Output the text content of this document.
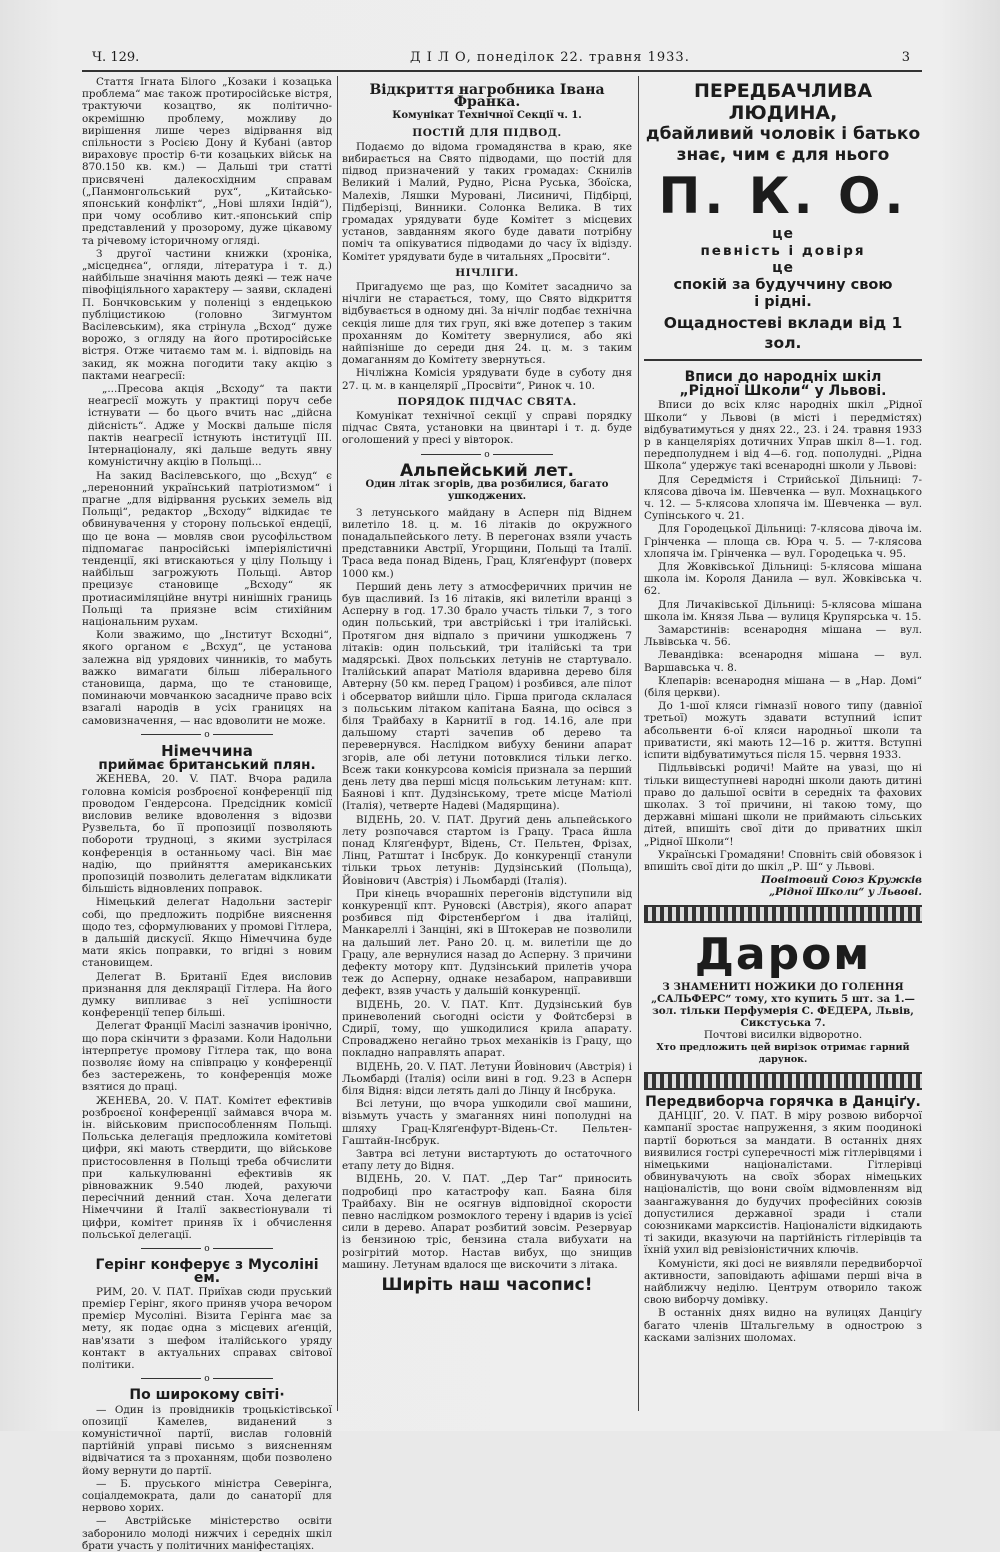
Ч. 129.	Д І Л О, понеділок 22. травня 1933.	3

Стаття Ігната Білого „Козаки і козацька проблема“ має також протиросійське вістря, трактуючи козацтво, як політично-окремішню проблему, можливу до вирішення лише через відірвання від спільности з Росією Дону й Кубані (автор вираховує простір 6-ти козацьких військ на 870.150 кв. км.) — Дальші три статті присвячені далекосхідним справам („Панмонгольський рух“, „Китайсько-японський конфлікт“, „Нові шляхи Індій“), при чому особливо кит.-японський спір представлений у прозорому, дуже цікавому та річевому історичному огляді.

З другої частини книжки (хроніка, „місцеднєа“, огляди, література і т. д.) найбільше значіння мають деякі — теж наче півофіціяльного характеру — заяви, складені П. Бончковським у поленіці з ендецькою публіцистикою (головно Зигмунтом Васілевським), яка стрінула „Всход“ дуже ворожо, з огляду на його протиросійське вістря. Отже читаємо там м. і. відповідь на закид, як можна погодити таку акцію з пактами неагресії:

„...Пресова акція „Всходу“ та пакти неагресії можуть у практиці поруч себе істнувати — бо цього вчить нас „дійсна дійсність“. Адже у Москві дальше після пактів неагресії істнують інституції ІІІ. Інтернаціоналу, які дальше ведуть явну комуністичну акцію в Польщі...

На закид Васілевського, що „Всхуд“ є „леренонний український патріотизмом“ і прагне „для відірвання руських земель від Польщі“, редактор „Всходу“ відкидає те обвинувачення у сторону польської ендеції, що це вона — мовляв свои русофільством підпомагає панросійські імперіялістичні тенденції, які втискаються у цілу Польщу і найбільш загрожують Польщі. Автор прецизує становище „Всходу“ як протиасиміляційне внутрі нинішніх границь Польщі та приязне всім стихійним національним рухам.

Коли зважимо, що „Інститут Всходні“, якого органом є „Всхуд“, це установа залежна від урядових чинників, то мабуть важко вимагати більш ліберального становища, дарма, що те становище, поминаючи мовчанкою засадниче право всіх взагалі народів в усіх границях на самовизначення, — нас вдоволити не може.

o
Німеччина
приймає британський плян.

ЖЕНЕВА, 20. V. ПАТ. Вчора радила головна комісія розброєної конференції під проводом Гендерсона. Предсідник комісії висловив велике вдоволення з відозви Рузвельта, бо її пропозиції позволяють побороти трудноці, з якими зустрілася конференція в останньому часі. Він має надію, що прийняття американських пропозицій позволить делегатам відкликати більшість відновлених поправок.

Німецький делегат Надольни застеріг собі, що предложить подрібне вияснення щодо тез, сформулюваних у промові Гітлера, в дальшій дискусії. Якщо Німеччина буде мати якісь поправки, то вгідні з новим становищем.

Делегат В. Британії Едея висловив признання для деклярації Гітлера. На його думку випливає з неї успішности конференції тепер більші.

Делегат Франції Масілі зазначив іронічно, що пора скінчити з фразами. Коли Надольни інтерпретує промову Гітлера так, що вона позволяє йому на співпрацю у конференції без застережень, то конференція може взятися до праці.

ЖЕНЕВА, 20. V. ПАТ. Комітет ефективів розброєної конференції займався вчора м. ін. військовим приспособленням Польщі. Польська делегація предложила комітетові цифри, які мають ствердити, що військове пристосовлення в Польщі треба обчислити при калькулюванні ефективів як рівноважник 9.540 людей, рахуючи пересічний денний стан. Хоча делегати Німеччини й Італії заквестіонували ті цифри, комітет приняв їх і обчислення польської делегації.

o
Герінг конферує з Мусоліні ем.

РИМ, 20. V. ПАТ. Приїхав сюди пруський премієр Герінг, якого приняв учора вечором премієр Мусоліні. Візита Герінга має за мету, як подає одна з місцевих аґенцій, нав'язати з шефом італійського уряду контакт в актуальних справах світової політики.

o
По широкому світі·

— Один із провідників троцькістівської опозиції Камелев, виданений з комуністичної партії, вислав головній партійній управі письмо з виясненням відвічатися та з проханням, щоби позволено йому вернути до партії.

— Б. пруського міністра Северінга, соціалдемократа, дали до санаторії для нервово хорих.

— Австрійське міністерство освіти заборонило молоді нижчих і середніх шкіл брати участь у політичних маніфестаціях.

Відкриття нагробника Івана Франка.
Комунікат Технічної Секції ч. 1.
ПОСТІЙ ДЛЯ ПІДВОД.

Подаємо до відома громадянства в краю, яке вибирається на Свято підводами, що постій для підвод призначений у таких громадах: Скнилів Великий і Малий, Рудно, Рісна Руська, Збоїска, Малехів, Ляшки Муровані, Лисиничі, Підбірці, Підберізці, Винники. Солонка Велика. В тих громадах урядувати буде Комітет з місцевих установ, завданням якого буде давати потрібну поміч та опікуватися підводами до часу їх відізду. Комітет урядувати буде в читальнях „Просвіти“.

НІЧЛІГИ.

Пригадуємо ще раз, що Комітет засадничо за нічліги не старається, тому, що Свято відкриття відбувається в одному дні. За нічліг подбає технічна секція лише для тих груп, які вже дотепер з таким проханням до Комітету звернулися, або які найпізніше до середи дня 24. ц. м. з таким домаганням до Комітету звернуться.

Нічліжна Комісія урядувати буде в суботу дня 27. ц. м. в канцелярії „Просвіти“, Ринок ч. 10.

ПОРЯДОК ПІДЧАС СВЯТА.

Комунікат технічної секції у справі порядку підчас Свята, установки на цвинтарі і т. д. буде оголошений у пресі у вівторок.

o
Альпейський лет.
Один літак згорів, два розбилися, багато ушкоджених.

З летунського майдану в Асперн під Віднем вилетіло 18. ц. м. 16 літаків до окружного понадальпейського лету. В перегонах взяли участь представники Австрії, Угорщини, Польщі та Італії. Траса веда понад Відень, Грац, Кляґенфурт (поверх 1000 км.)

Перший день лету з атмосферичних причин не був щасливий. Із 16 літаків, які вилетіли вранці з Асперну в год. 17.30 брало участь тільки 7, з того один польський, три австрійські і три італійські. Протягом дня відпало з причини ушкоджень 7 літаків: один польський, три італійські та три мадярські. Двох польських летунів не стартувало. Італійський апарат Матіоля вдаривна дерево біля Автерну (50 км. перед Грацом) і розбився, але пілот і обсерватор вийшли ціло. Гірша пригода склалася з польським літаком капітана Баяна, що осівся з біля Трайбаху в Карнитії в год. 14.16, але при дальшому старті зачепив об дерево та перевернувся. Наслідком вибуху бенини апарат згорів, але обі летуни потовклися тільки легко. Всеж таки конкурсова комісія признала за перший день лету два перші місця польським летунам: кпт. Баяновi і кпт. Дудзінському, трете місце Матіолі (Італія), четверте Надеві (Мадярщина).

ВІДЕНЬ, 20. V. ПАТ. Другий день альпейського лету розпочався стартом із Грацу. Траса йшла понад Кляґенфурт, Відень, Ст. Пельтен, Фрізах, Лінц, Ратштат і Інсбрук. До конкуренції станули тільки трьох летунів: Дудзінський (Польща), Йовінович (Австрія) і Льомбарді (Італія).

При кінець вчорашніх перегонів відступили від конкуренції кпт. Руновскі (Австрія), якого апарат розбився під Фірстенберґом і два італійці, Манкареллі і Занціні, які в Штокерав не позволили на дальший лет. Рано 20. ц. м. вилетіли ще до Грацу, але вернулися назад до Асперну. З причини дефекту мотору кпт. Дудзінський прилетів учора теж до Асперну, однаке незабаром, направивши дефект, взяв участь у дальшій конкуренції.

ВІДЕНЬ, 20. V. ПАТ. Кпт. Дудзінський був приневолений сьогодні осісти у Фойтсберзі в Сдирії, тому, що ушкодилися крила апарату. Спроваджено негайно трьох механіків із Грацу, що покладно направлять апарат.

ВІДЕНЬ, 20. V. ПАТ. Летуни Йовінович (Австрія) і Льомбарді (Італія) осіли вині в год. 9.23 в Асперн біля Відня: відси летять далі до Лінцу й Інсбрука.

Всі летуни, що вчора ушкодили свої машини, візьмуть участь у змаганнях нині пополудні на шляху Грац-Кляґенфурт-Відень-Ст. Пельтен-Гаштайн-Інсбрук.

Завтра всі летуни вистартують до остаточного етапу лету до Відня.

ВІДЕНЬ, 20. V. ПАТ. „Дер Таг“ приносить подробиці про катастрофу кап. Баяна біля Трайбаху. Він не осягнув відповідної скорости певно наслідком розмоклого терену і вдарив із усієї сили в дерево. Апарат розбитий зовсім. Резервуар із бензиною тріс, бензина стала вибухати на розігрітий мотор. Настав вибух, що знищив машину. Летунам вдалося ще вискочити з літака.

Ширіть наш часопис!
ПЕРЕДБАЧЛИВА ЛЮДИНА,
дбайливий чоловік і батько
знає, чим є для нього
П. К. О.
це
певність і довіря
це
спокій за будуччину свою
і рідні.
Ощадностеві вклади від 1 зол.
Вписи до народніх шкіл
„Рідної Школи“ у Львові.

Вписи до всіх кляс народніх шкіл „Рідної Школи“ у Львові (в місті і передмістях) відбуватимуться у днях 22., 23. і 24. травня 1933 р в канцеляріях дотичних Управ шкіл 8—1. год. передполуднем і від 4—6. год. пополудні. „Рідна Школа“ удержує такі всенародні школи у Львові:

Для Середмістя і Стрийської Дільниці: 7-клясова дівоча ім. Шевченка — вул. Мохнацького ч. 12. — 5-клясова хлопяча ім. Шевченка — вул. Супінського ч. 21.

Для Городецької Дільниці: 7-клясова дівоча ім. Грінченка — площа св. Юра ч. 5. — 7-клясова хлопяча ім. Грінченка — вул. Городецька ч. 95.

Для Жовківської Дільниці: 5-клясова мішана школа ім. Короля Данила — вул. Жовківська ч. 62.

Для Личаківської Дільниці: 5-клясова мішана школа ім. Князя Льва — вулиця Крупярська ч. 15.

Замарстинів: всенародня мішана — вул. Львівська ч. 56.

Левандівка: всенародня мішана — вул. Варшавська ч. 8.

Клепарів: всенародня мішана — в „Нар. Домі“ (біля церкви).

До 1-шої кляси гімназії нового типу (давніої третьої) можуть здавати вступний іспит абсольвенти 6-ої кляси народньої школи та приватисти, які мають 12—16 р. життя. Вступні іспити відбуватимуться після 15. червня 1933.

Підльвівські родичі! Майте на увазі, що ні тільки вищеступневі народні школи дають дитині право до дальшої освіти в середніх та фахових школах. З тої причини, ні такою тому, що державні мішані школи не приймають сільських дітей, впишіть свої діти до приватних шкіл „Рідної Школи“!

Українські Громадяни! Сповніть свій обовязок і впишіть свої діти до шкіл „Р. Ш“ у Львові.

Повітовий Союз Кружків
„Рідної Школи“ у Львові.
Даром
З ЗНАМЕНИТІ НОЖИКИ ДО ГОЛЕННЯ „САЛЬФЕРС“ тому, хто купить 5 шт. за 1.— зол. тільки Перфумерія С. ФЕДЕРА, Львів, Сикстуська 7.
Почтові висилки відворотно.
Хто предложить цей вирізок отримає гарний дарунок.
Передвиборча горячка в Данціґу.

ДАНЦІҐ, 20. V. ПАТ. В міру розвою виборчої кампанії зростає напруження, з яким поодинокі партії борються за мандати. В останніх днях виявилися гострі суперечності між гітлерівцями і німецькими націоналістами. Гітлерівці обвинувачують на своїх зборах німецьких націоналістів, що вони своїм відмовленням від заангажування до будучих професійних союзів допустилися державної зради і стали союзниками марксистів. Націоналісти відкидають ті закиди, вказуючи на партійність гітлерівців та їхній ухил від ревізіоністичних ключів.

Комуністи, які досі не виявляли передвиборчої активности, заповідають афішами перші віча в найближчу неділю. Центрум отворило також свою виборчу домівку.

В останніх днях видно на вулицях Данціґу багато членів Штальгельму в однострою з касками залізних шоломах.
